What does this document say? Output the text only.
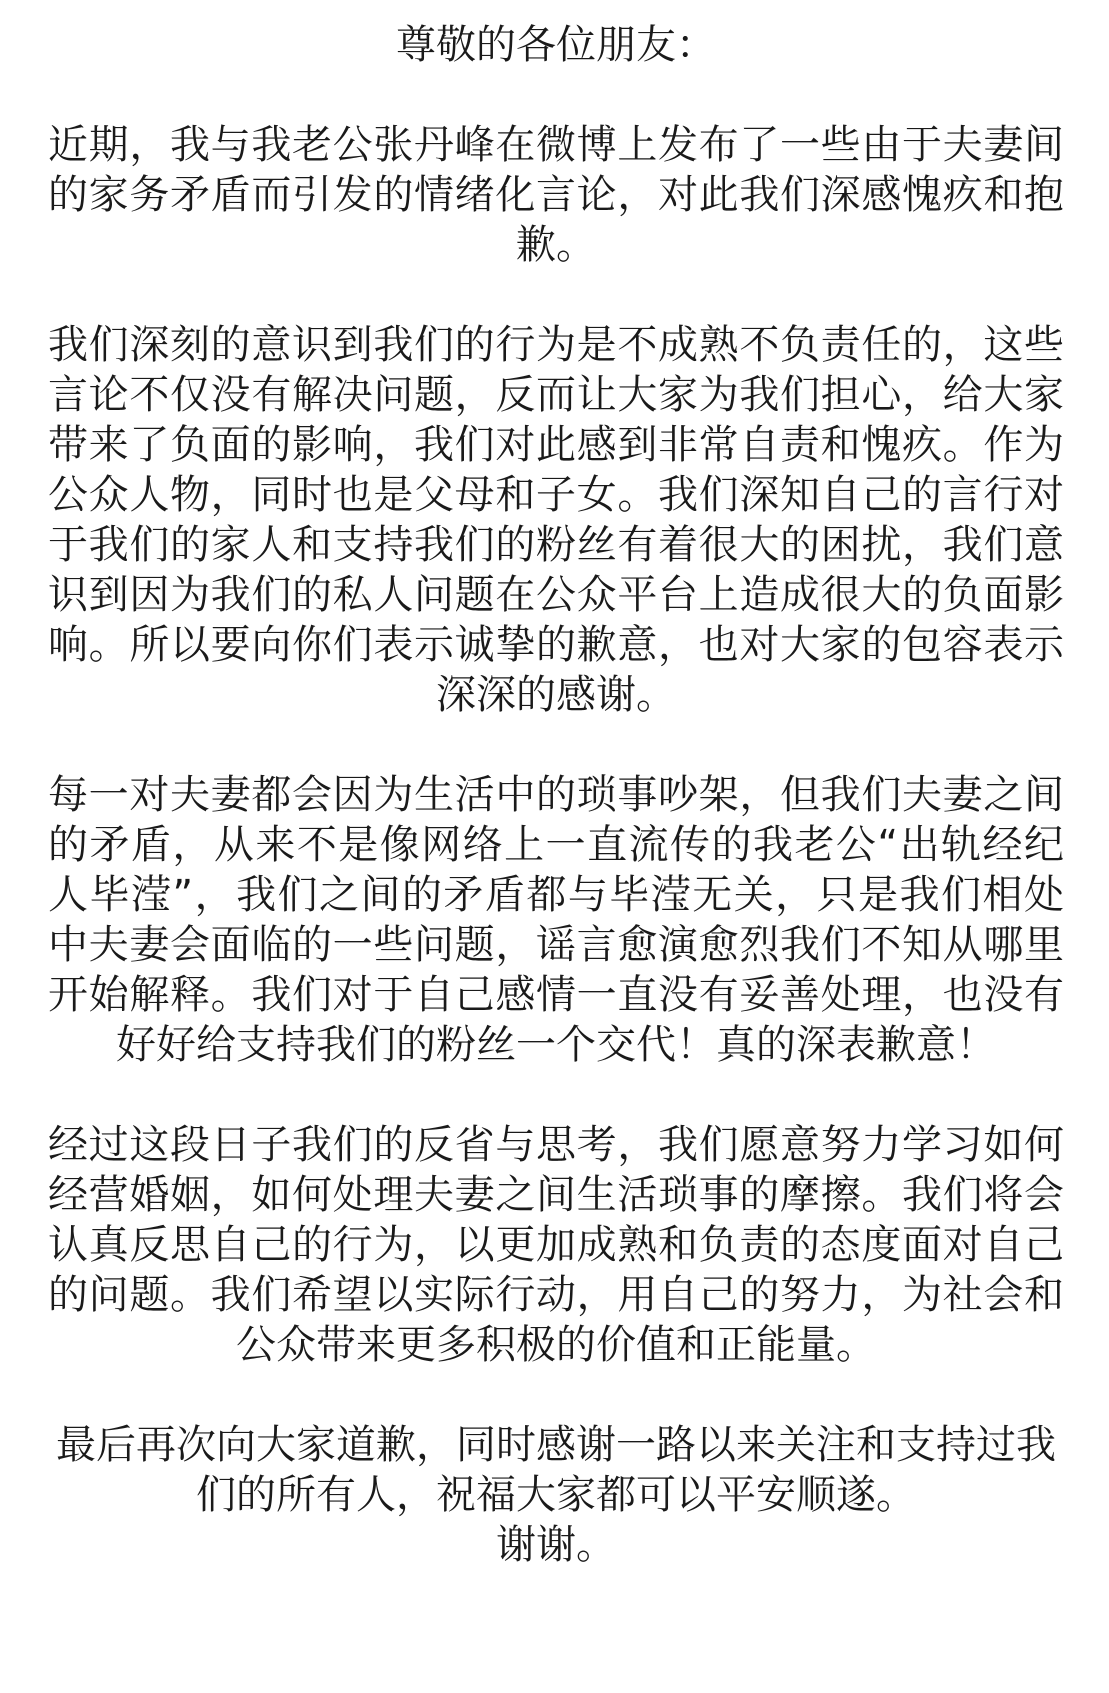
尊敬的各位朋友：

近期，我与我老公张丹峰在微博上发布了一些由于夫妻间的家务矛盾而引发的情绪化言论，对此我们深感愧疚和抱歉。

我们深刻的意识到我们的行为是不成熟不负责任的，这些言论不仅没有解决问题，反而让大家为我们担心，给大家带来了负面的影响，我们对此感到非常自责和愧疚。作为公众人物，同时也是父母和子女。我们深知自己的言行对于我们的家人和支持我们的粉丝有着很大的困扰，我们意识到因为我们的私人问题在公众平台上造成很大的负面影响。所以要向你们表示诚挚的歉意，也对大家的包容表示深深的感谢。

每一对夫妻都会因为生活中的琐事吵架，但我们夫妻之间的矛盾，从来不是像网络上一直流传的我老公“出轨经纪人毕滢”，我们之间的矛盾都与毕滢无关，只是我们相处中夫妻会面临的一些问题，谣言愈演愈烈我们不知从哪里开始解释。我们对于自己感情一直没有妥善处理，也没有好好给支持我们的粉丝一个交代！真的深表歉意！

经过这段日子我们的反省与思考，我们愿意努力学习如何经营婚姻，如何处理夫妻之间生活琐事的摩擦。我们将会认真反思自己的行为，以更加成熟和负责的态度面对自己的问题。我们希望以实际行动，用自己的努力，为社会和公众带来更多积极的价值和正能量。

最后再次向大家道歉，同时感谢一路以来关注和支持过我们的所有人，祝福大家都可以平安顺遂。

谢谢。
